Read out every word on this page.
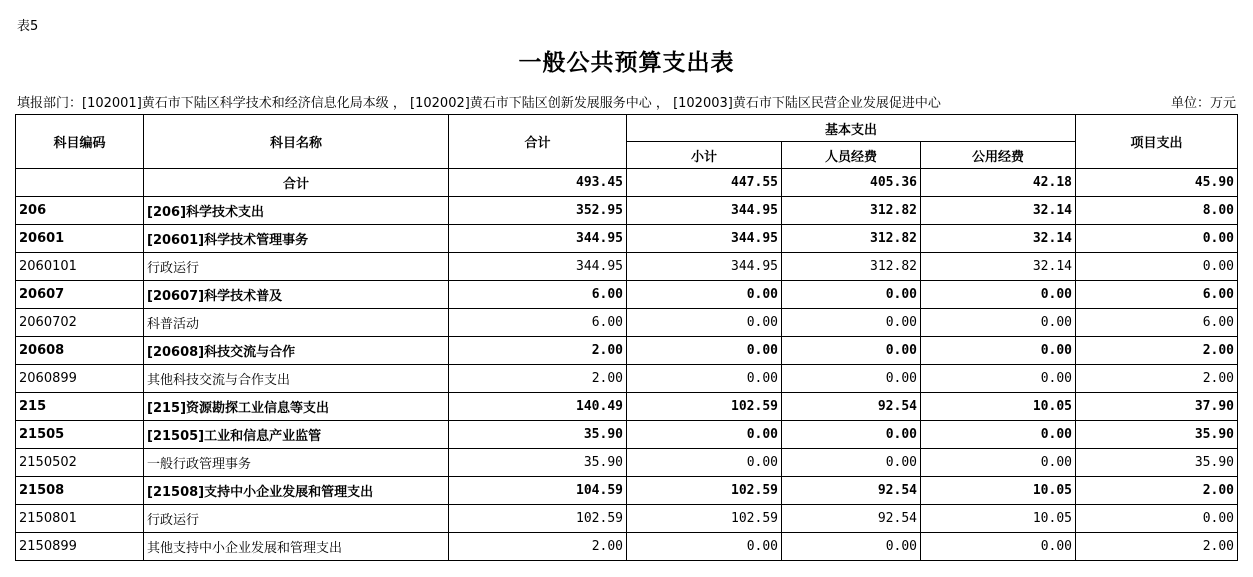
表5
一般公共预算支出表
填报部门：[102001]黄石市下陆区科学技术和经济信息化局本级 ， [102002]黄石市下陆区创新发展服务中心 ， [102003]黄石市下陆区民营企业发展促进中心	单位：万元
科目编码	科目名称	合计	基本支出			项目支出
			小计	人员经费	公用经费	
	合计	493.45	447.55	405.36	42.18	45.90
206	[206]科学技术支出	352.95	344.95	312.82	32.14	8.00
20601	[20601]科学技术管理事务	344.95	344.95	312.82	32.14	0.00
2060101	行政运行	344.95	344.95	312.82	32.14	0.00
20607	[20607]科学技术普及	6.00	0.00	0.00	0.00	6.00
2060702	科普活动	6.00	0.00	0.00	0.00	6.00
20608	[20608]科技交流与合作	2.00	0.00	0.00	0.00	2.00
2060899	其他科技交流与合作支出	2.00	0.00	0.00	0.00	2.00
215	[215]资源勘探工业信息等支出	140.49	102.59	92.54	10.05	37.90
21505	[21505]工业和信息产业监管	35.90	0.00	0.00	0.00	35.90
2150502	一般行政管理事务	35.90	0.00	0.00	0.00	35.90
21508	[21508]支持中小企业发展和管理支出	104.59	102.59	92.54	10.05	2.00
2150801	行政运行	102.59	102.59	92.54	10.05	0.00
2150899	其他支持中小企业发展和管理支出	2.00	0.00	0.00	0.00	2.00
